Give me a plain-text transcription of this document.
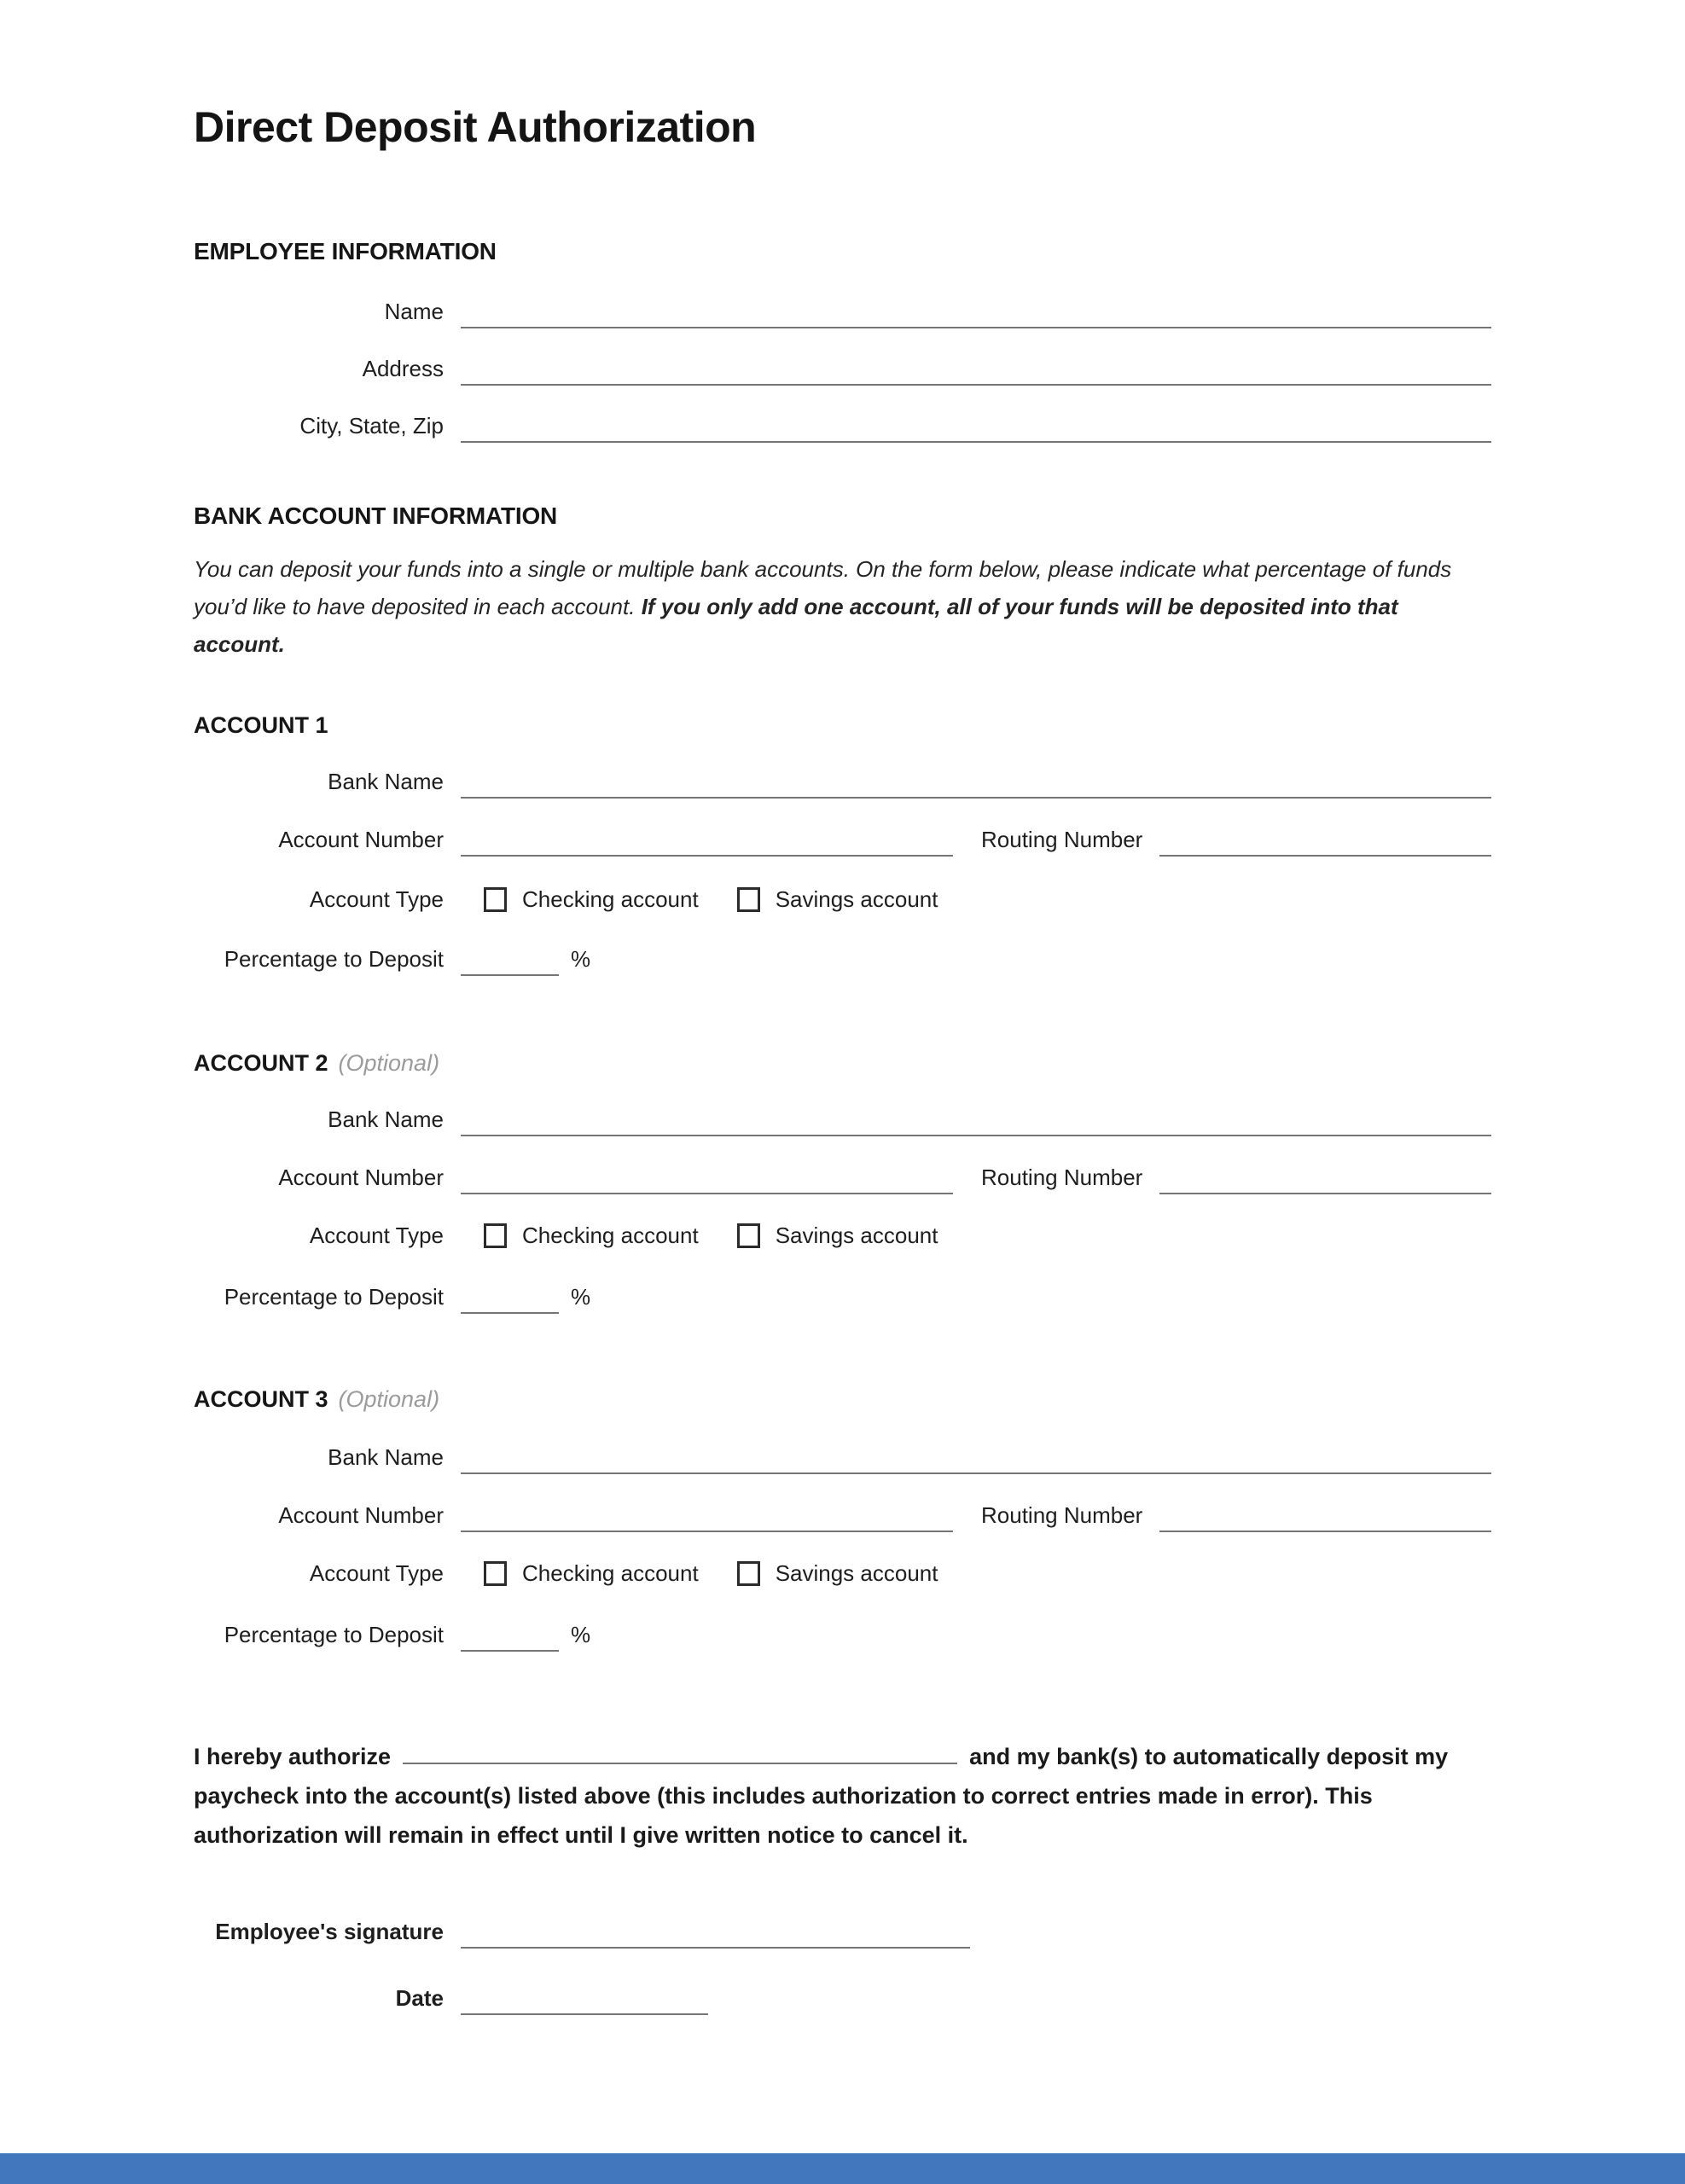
Direct Deposit Authorization
EMPLOYEE INFORMATION
Name
Address
City, State, Zip
BANK ACCOUNT INFORMATION

You can deposit your funds into a single or multiple bank accounts. On the form below, please indicate what percentage of funds you’d like to have deposited in each account. If you only add one account, all of your funds will be deposited into that account.

ACCOUNT 1
Bank Name
Account Number	Routing Number
Account Type	Checking account	Savings account
Percentage to Deposit	%
ACCOUNT 2 (Optional)
Bank Name
Account Number	Routing Number
Account Type	Checking account	Savings account
Percentage to Deposit	%
ACCOUNT 3 (Optional)
Bank Name
Account Number	Routing Number
Account Type	Checking account	Savings account
Percentage to Deposit	%

I hereby authorize	and my bank(s) to automatically deposit my paycheck into the account(s) listed above (this includes authorization to correct entries made in error). This authorization will remain in effect until I give written notice to cancel it.

Employee's signature
Date
